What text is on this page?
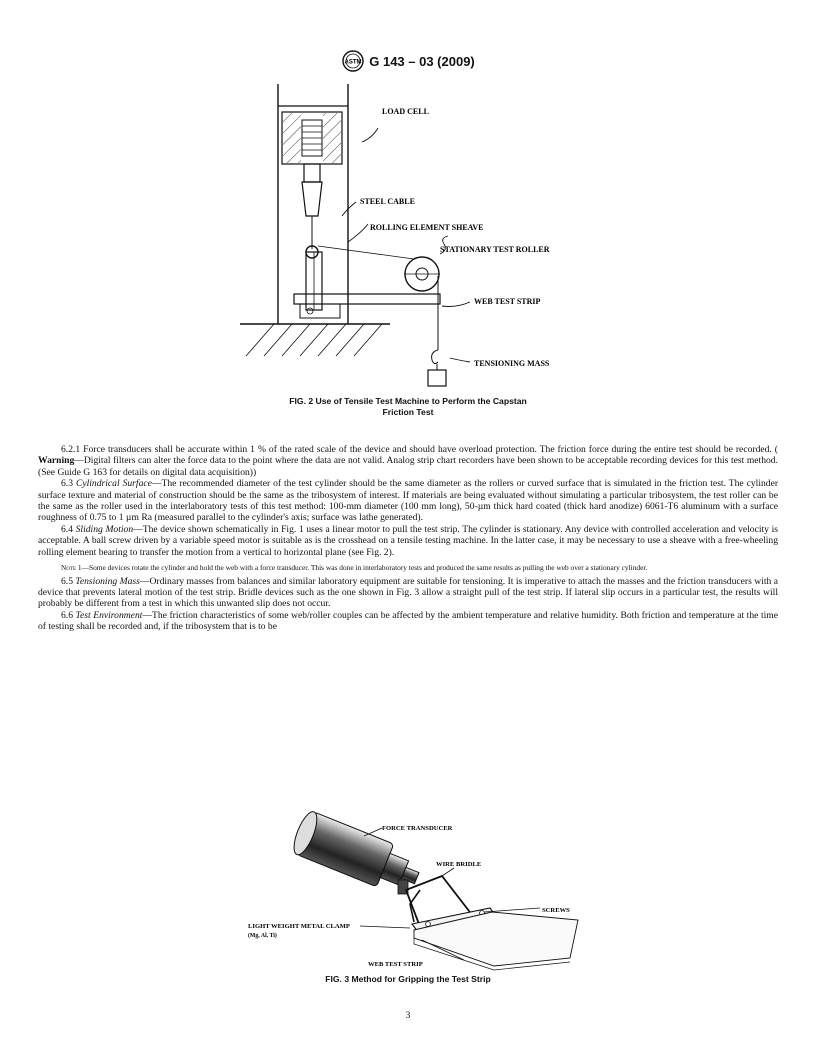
ASTM G 143 – 03 (2009)
LOAD CELL
STEEL CABLE
ROLLING ELEMENT SHEAVE
STATIONARY TEST ROLLER
WEB TEST STRIP
TENSIONING MASS
FIG. 2 Use of Tensile Test Machine to Perform the Capstan
Friction Test

6.2.1 Force transducers shall be accurate within 1 % of the rated scale of the device and should have overload protection. The friction force during the entire test should be recorded. ( Warning—Digital filters can alter the force data to the point where the data are not valid. Analog strip chart recorders have been shown to be acceptable recording devices for this test method. (See Guide G 163 for details on digital data acquisition))

6.3 Cylindrical Surface—The recommended diameter of the test cylinder should be the same diameter as the rollers or curved surface that is simulated in the friction test. The cylinder surface texture and material of construction should be the same as the tribosystem of interest. If materials are being evaluated without simulating a particular tribosystem, the test roller can be the same as the roller used in the interlaboratory tests of this test method: 100-mm diameter (100 mm long), 50-µm thick hard coated (thick hard anodize) 6061-T6 aluminum with a surface roughness of 0.75 to 1 µm Ra (measured parallel to the cylinder's axis; surface was lathe generated).

6.4 Sliding Motion—The device shown schematically in Fig. 1 uses a linear motor to pull the test strip. The cylinder is stationary. Any device with controlled acceleration and velocity is acceptable. A ball screw driven by a variable speed motor is suitable as is the crosshead on a tensile testing machine. In the latter case, it may be necessary to use a sheave with a free-wheeling rolling element bearing to transfer the motion from a vertical to horizontal plane (see Fig. 2).

Note 1—Some devices rotate the cylinder and hold the web with a force transducer. This was done in interlaboratory tests and produced the same results as pulling the web over a stationary cylinder.

6.5 Tensioning Mass—Ordinary masses from balances and similar laboratory equipment are suitable for tensioning. It is imperative to attach the masses and the friction transducers with a device that prevents lateral motion of the test strip. Bridle devices such as the one shown in Fig. 3 allow a straight pull of the test strip. If lateral slip occurs in a particular test, the results will probably be different from a test in which this unwanted slip does not occur.

6.6 Test Environment—The friction characteristics of some web/roller couples can be affected by the ambient temperature and relative humidity. Both friction and temperature at the time of testing shall be recorded and, if the tribosystem that is to be

FORCE TRANSDUCER
WIRE BRIDLE
SCREWS
LIGHT WEIGHT METAL CLAMP
(Mg, Al, Ti)
WEB TEST STRIP
FIG. 3 Method for Gripping the Test Strip
3
